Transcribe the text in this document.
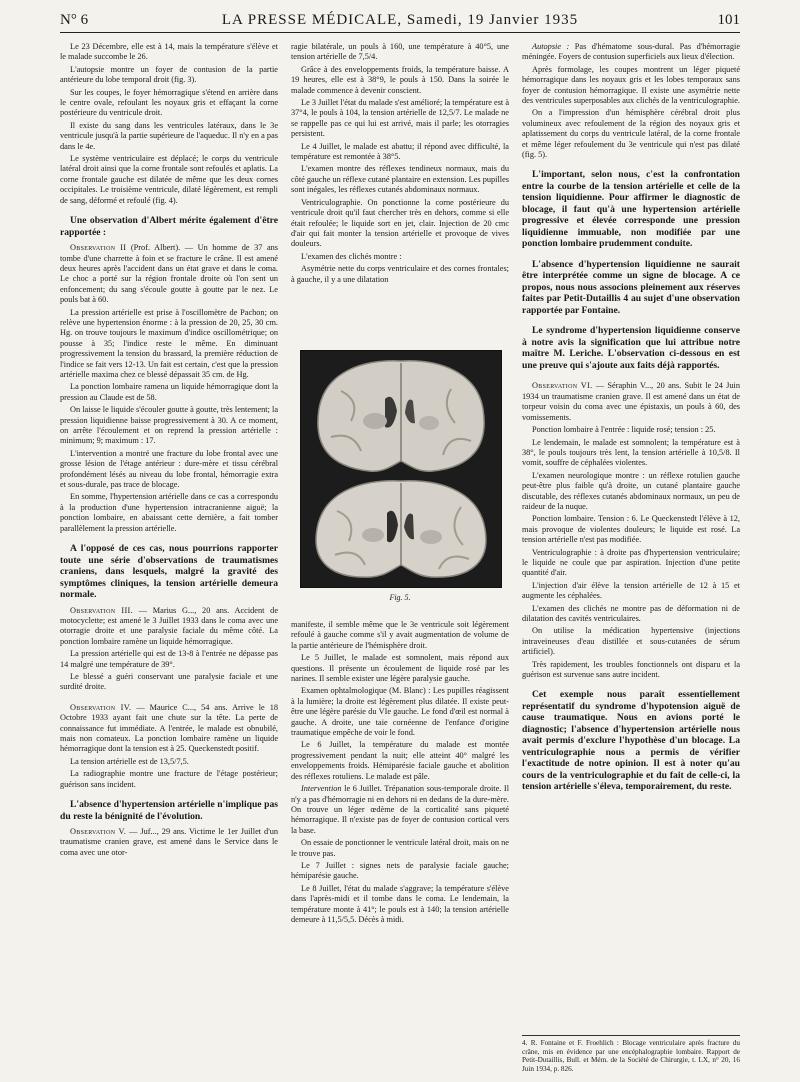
N° 6	LA PRESSE MÉDICALE, Samedi, 19 Janvier 1935	101

Le 23 Décembre, elle est à 14, mais la température s'élève et le malade succombe le 26.

L'autopsie montre un foyer de contusion de la partie antérieure du lobe temporal droit (fig. 3).

Sur les coupes, le foyer hémorragique s'étend en arrière dans le centre ovale, refoulant les noyaux gris et effaçant la corne postérieure du ventricule droit.

Il existe du sang dans les ventricules latéraux, dans le 3e ventricule jusqu'à la partie supérieure de l'aqueduc. Il n'y en a pas dans le 4e.

Le système ventriculaire est déplacé; le corps du ventricule latéral droit ainsi que la corne frontale sont refoulés et aplatis. La corne frontale gauche est dilatée de même que les deux cornes occipitales. Le troisième ventricule, dilaté légèrement, est rempli de sang, déformé et refoulé (fig. 4).

Une observation d'Albert mérite également d'être rapportée :

Observation II (Prof. Albert). — Un homme de 37 ans tombe d'une charrette à foin et se fracture le crâne. Il est amené deux heures après l'accident dans un état grave et dans le coma. Le choc a porté sur la région frontale droite où l'on sent un enfoncement; du sang s'écoule goutte à goutte par le nez. Le pouls bat à 60.

La pression artérielle est prise à l'oscillomètre de Pachon; on relève une hypertension énorme : à la pression de 20, 25, 30 cm. Hg. on trouve toujours le maximum d'indice oscillométrique; on pousse à 35; l'indice reste le même. En diminuant progressivement la tension du brassard, la première réduction de l'indice se fait vers 12-13. Un fait est certain, c'est que la pression artérielle maxima chez ce blessé dépassait 35 cm. de Hg.

La ponction lombaire ramena un liquide hémorragique dont la pression au Claude est de 58.

On laisse le liquide s'écouler goutte à goutte, très lentement; la pression liquidienne baisse progressivement à 30. A ce moment, on arrête l'écoulement et on reprend la pression artérielle : minimum; 9; maximum : 17.

L'intervention a montré une fracture du lobe frontal avec une grosse lésion de l'étage antérieur : dure-mère et tissu cérébral profondément lésés au niveau du lobe frontal, hémorragie extra et sous-durale, pas trace de blocage.

En somme, l'hypertension artérielle dans ce cas a correspondu à la production d'une hypertension intracranienne aiguë; la ponction lombaire, en abaissant cette dernière, a fait tomber parallèlement la pression artérielle.

A l'opposé de ces cas, nous pourrions rapporter toute une série d'observations de traumatismes craniens, dans lesquels, malgré la gravité des symptômes cliniques, la tension artérielle demeura normale.

Observation III. — Marius G..., 20 ans. Accident de motocyclette; est amené le 3 Juillet 1933 dans le coma avec une otorragie droite et une paralysie faciale du même côté. La ponction lombaire ramène un liquide hémorragique.

La pression artérielle qui est de 13-8 à l'entrée ne dépasse pas 14 malgré une température de 39°.

Le blessé a guéri conservant une paralysie faciale et une surdité droite.

Observation IV. — Maurice C..., 54 ans. Arrive le 18 Octobre 1933 ayant fait une chute sur la tête. La perte de connaissance fut immédiate. A l'entrée, le malade est obnubilé, mais non comateux. La ponction lombaire ramène un liquide hémorragique dont la tension est à 25. Queckenstedt positif.

La tension artérielle est de 13,5/7,5.

La radiographie montre une fracture de l'étage postérieur; guérison sans incident.

L'absence d'hypertension artérielle n'implique pas du reste la bénignité de l'évolution.

Observation V. — Juf..., 29 ans. Victime le 1er Juillet d'un traumatisme cranien grave, est amené dans le Service dans le coma avec une otor-

ragie bilatérale, un pouls à 160, une température à 40°5, une tension artérielle de 7,5/4.

Grâce à des enveloppements froids, la température baisse. A 19 heures, elle est à 38°9, le pouls à 150. Dans la soirée le malade commence à devenir conscient.

Le 3 Juillet l'état du malade s'est amélioré; la température est à 37°4, le pouls à 104, la tension artérielle de 12,5/7. Le malade ne se rappelle pas ce qui lui est arrivé, mais il parle; les otorragies persistent.

Le 4 Juillet, le malade est abattu; il répond avec difficulté, la température est remontée à 38°5.

L'examen montre des réflexes tendineux normaux, mais du côté gauche un réflexe cutané plantaire en extension. Les pupilles sont inégales, les réflexes cutanés abdominaux normaux.

Ventriculographie. On ponctionne la corne postérieure du ventricule droit qu'il faut chercher très en dehors, comme si elle était refoulée; le liquide sort en jet, clair. Injection de 20 cmc d'air qui fait monter la tension artérielle et provoque de vives douleurs.

L'examen des clichés montre :

Asymétrie nette du corps ventriculaire et des cornes frontales; à gauche, il y a une dilatation

Fig. 5.

manifeste, il semble même que le 3e ventricule soit légèrement refoulé à gauche comme s'il y avait augmentation de volume de la partie antérieure de l'hémisphère droit.

Le 5 Juillet, le malade est somnolent, mais répond aux questions. Il présente un écoulement de liquide rosé par les narines. Il semble exister une légère paralysie gauche.

Examen ophtalmologique (M. Blanc) : Les pupilles réagissent à la lumière; la droite est légèrement plus dilatée. Il existe peut-être une légère parésie du VIe gauche. Le fond d'œil est normal à gauche. A droite, une taie cornéenne de l'enfance d'origine traumatique empêche de voir le fond.

Le 6 Juillet, la température du malade est montée progressivement pendant la nuit; elle atteint 40° malgré les enveloppements froids. Hémiparésie faciale gauche et abolition des réflexes rotuliens. Le malade est pâle.

Intervention le 6 Juillet. Trépanation sous-temporale droite. Il n'y a pas d'hémorragie ni en dehors ni en dedans de la dure-mère. On trouve un léger œdème de la corticalité sans piqueté hémorragique. Il n'existe pas de foyer de contusion cortical vers la base.

On essaie de ponctionner le ventricule latéral droit, mais on ne le trouve pas.

Le 7 Juillet : signes nets de paralysie faciale gauche; hémiparésie gauche.

Le 8 Juillet, l'état du malade s'aggrave; la température s'élève dans l'après-midi et il tombe dans le coma. Le lendemain, la température monte à 41°; le pouls est à 140; la tension artérielle demeure à 11,5/5,5. Décès à midi.

Autopsie : Pas d'hématome sous-dural. Pas d'hémorragie méningée. Foyers de contusion superficiels aux lieux d'élection.

Après formolage, les coupes montrent un léger piqueté hémorragique dans les noyaux gris et les lobes temporaux sans foyer de contusion hémorragique. Il existe une asymétrie nette des ventricules superposables aux clichés de la ventriculographie.

On a l'impression d'un hémisphère cérébral droit plus volumineux avec refoulement de la région des noyaux gris et aplatissement du corps du ventricule latéral, de la corne frontale et même léger refoulement du 3e ventricule qui n'est pas dilaté (fig. 5).

L'important, selon nous, c'est la confrontation entre la courbe de la tension artérielle et celle de la tension liquidienne. Pour affirmer le diagnostic de blocage, il faut qu'à une hypertension artérielle progressive et élevée corresponde une pression liquidienne immuable, non modifiée par une ponction lombaire prudemment conduite.
L'absence d'hypertension liquidienne ne saurait être interprétée comme un signe de blocage. A ce propos, nous nous associons pleinement aux réserves faites par Petit-Dutaillis 4 au sujet d'une observation rapportée par Fontaine.
Le syndrome d'hypertension liquidienne conserve à notre avis la signification que lui attribue notre maître M. Leriche. L'observation ci-dessous en est une preuve qui s'ajoute aux faits déjà rapportés.

Observation VI. — Séraphin V..., 20 ans. Subit le 24 Juin 1934 un traumatisme cranien grave. Il est amené dans un état de torpeur voisin du coma avec une épistaxis, un pouls à 60, des vomissements.

Ponction lombaire à l'entrée : liquide rosé; tension : 25.

Le lendemain, le malade est somnolent; la température est à 38°, le pouls toujours très lent, la tension artérielle à 10,5/8. Il vomit, souffre de céphalées violentes.

L'examen neurologique montre : un réflexe rotulien gauche peut-être plus faible qu'à droite, un cutané plantaire gauche discutable, des réflexes cutanés abdominaux normaux, un peu de raideur de la nuque.

Ponction lombaire. Tension : 6. Le Queckenstedt l'élève à 12, mais provoque de violentes douleurs; le liquide est rosé. La tension artérielle n'est pas modifiée.

Ventriculographie : à droite pas d'hypertension ventriculaire; le liquide ne coule que par aspiration. Injection d'une petite quantité d'air.

L'injection d'air élève la tension artérielle de 12 à 15 et augmente les céphalées.

L'examen des clichés ne montre pas de déformation ni de dilatation des cavités ventriculaires.

On utilise la médication hypertensive (injections intraveineuses d'eau distillée et sous-cutanées de sérum artificiel).

Très rapidement, les troubles fonctionnels ont disparu et la guérison est survenue sans autre incident.

Cet exemple nous paraît essentiellement représentatif du syndrome d'hypotension aiguë de cause traumatique. Nous en avions porté le diagnostic; l'absence d'hypertension artérielle nous avait permis d'exclure l'hypothèse d'un blocage. La ventriculographie nous a permis de vérifier l'exactitude de notre opinion. Il est à noter qu'au cours de la ventriculographie et du fait de celle-ci, la tension artérielle s'éleva, temporairement, du reste.
4. R. Fontaine et F. Froehlich : Blocage ventriculaire après fracture du crâne, mis en évidence par une encéphalographie lombaire. Rapport de Petit-Dutaillis, Bull. et Mém. de la Société de Chirurgie, t. LX, n° 20, 16 Juin 1934, p. 826.
